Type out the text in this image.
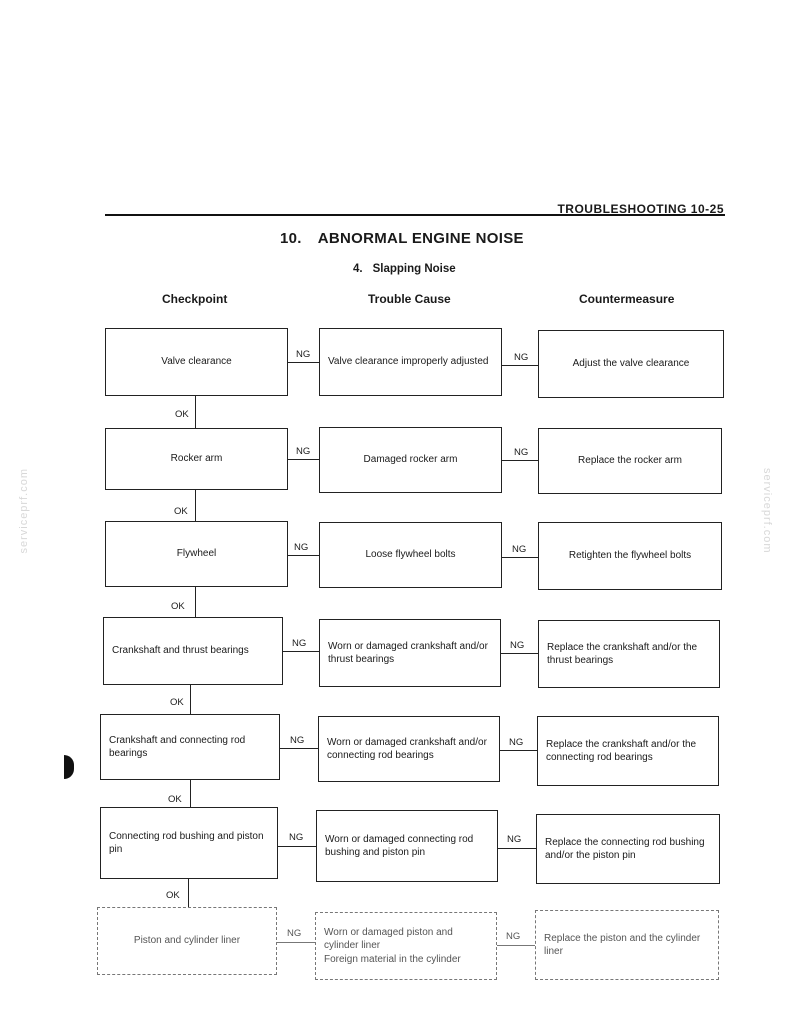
serviceprf.com	serviceprf.com
TROUBLESHOOTING 10-25
10. ABNORMAL ENGINE NOISE
4. Slapping Noise
Checkpoint	Trouble Cause	Countermeasure
Valve clearance
NG
Valve clearance improperly adjusted	NG
Adjust the valve clearance
OK
Rocker arm
NG
Damaged rocker arm
NG
Replace the rocker arm
OK
Flywheel
NG
Loose flywheel bolts	NG
Retighten the flywheel bolts
OK
Crankshaft and thrust bearings
NG Worn or damaged crankshaft and/or thrust bearings
NG Replace the crankshaft and/or the thrust bearings
OK
Crankshaft and connecting rod bearings
NG Worn or damaged crankshaft and/or connecting rod bearings
NG Replace the crankshaft and/or the connecting rod bearings
OK
Connecting rod bushing and piston pin
NG Worn or damaged connecting rod bushing and piston pin
NG Replace the connecting rod bushing and/or the piston pin
OK
Piston and cylinder liner
NG Worn or damaged piston and cylinder liner
Foreign material in the cylinder
NG Replace the piston and the cylinder liner
